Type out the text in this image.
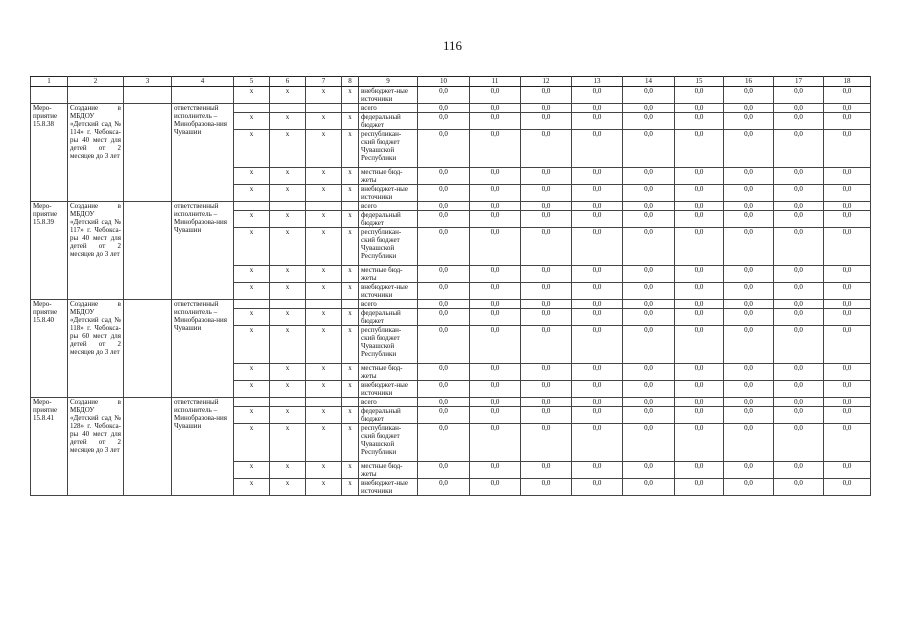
116
1	2	3	4	5	6	7	8	9	10	11	12	13	14	15	16	17	18
				х	х	х	х	внебюджет-ные источники	0,0	0,0	0,0	0,0	0,0	0,0	0,0	0,0	0,0
Меро-приятие 15.8.38	Создание в МБДОУ «Детский сад № 114» г. Чебокса-ры 40 мест для детей от 2 месяцев до 3 лет		ответственный исполнитель – Минобразова-ния Чувашии					всего	0,0	0,0	0,0	0,0	0,0	0,0	0,0	0,0	0,0
				х	х	х	х	федеральный бюджет	0,0	0,0	0,0	0,0	0,0	0,0	0,0	0,0	0,0
				х	х	х	х	республикан-ский бюджет Чувашской Республики	0,0	0,0	0,0	0,0	0,0	0,0	0,0	0,0	0,0
				х	х	х	х	местные бюд-жеты	0,0	0,0	0,0	0,0	0,0	0,0	0,0	0,0	0,0
				х	х	х	х	внебюджет-ные источники	0,0	0,0	0,0	0,0	0,0	0,0	0,0	0,0	0,0
Меро-приятие 15.8.39	Создание в МБДОУ «Детский сад № 117» г. Чебокса-ры 40 мест для детей от 2 месяцев до 3 лет		ответственный исполнитель – Минобразова-ния Чувашии					всего	0,0	0,0	0,0	0,0	0,0	0,0	0,0	0,0	0,0
				х	х	х	х	федеральный бюджет	0,0	0,0	0,0	0,0	0,0	0,0	0,0	0,0	0,0
				х	х	х	х	республикан-ский бюджет Чувашской Республики	0,0	0,0	0,0	0,0	0,0	0,0	0,0	0,0	0,0
				х	х	х	х	местные бюд-жеты	0,0	0,0	0,0	0,0	0,0	0,0	0,0	0,0	0,0
				х	х	х	х	внебюджет-ные источники	0,0	0,0	0,0	0,0	0,0	0,0	0,0	0,0	0,0
Меро-приятие 15.8.40	Создание в МБДОУ «Детский сад № 118» г. Чебокса-ры 60 мест для детей от 2 месяцев до 3 лет		ответственный исполнитель – Минобразова-ния Чувашии					всего	0,0	0,0	0,0	0,0	0,0	0,0	0,0	0,0	0,0
				х	х	х	х	федеральный бюджет	0,0	0,0	0,0	0,0	0,0	0,0	0,0	0,0	0,0
				х	х	х	х	республикан-ский бюджет Чувашской Республики	0,0	0,0	0,0	0,0	0,0	0,0	0,0	0,0	0,0
				х	х	х	х	местные бюд-жеты	0,0	0,0	0,0	0,0	0,0	0,0	0,0	0,0	0,0
				х	х	х	х	внебюджет-ные источники	0,0	0,0	0,0	0,0	0,0	0,0	0,0	0,0	0,0
Меро-приятие 15.8.41	Создание в МБДОУ «Детский сад № 128» г. Чебокса-ры 40 мест для детей от 2 месяцев до 3 лет		ответственный исполнитель – Минобразова-ния Чувашии					всего	0,0	0,0	0,0	0,0	0,0	0,0	0,0	0,0	0,0
				х	х	х	х	федеральный бюджет	0,0	0,0	0,0	0,0	0,0	0,0	0,0	0,0	0,0
				х	х	х	х	республикан-ский бюджет Чувашской Республики	0,0	0,0	0,0	0,0	0,0	0,0	0,0	0,0	0,0
				х	х	х	х	местные бюд-жеты	0,0	0,0	0,0	0,0	0,0	0,0	0,0	0,0	0,0
				х	х	х	х	внебюджет-ные источники	0,0	0,0	0,0	0,0	0,0	0,0	0,0	0,0	0,0
